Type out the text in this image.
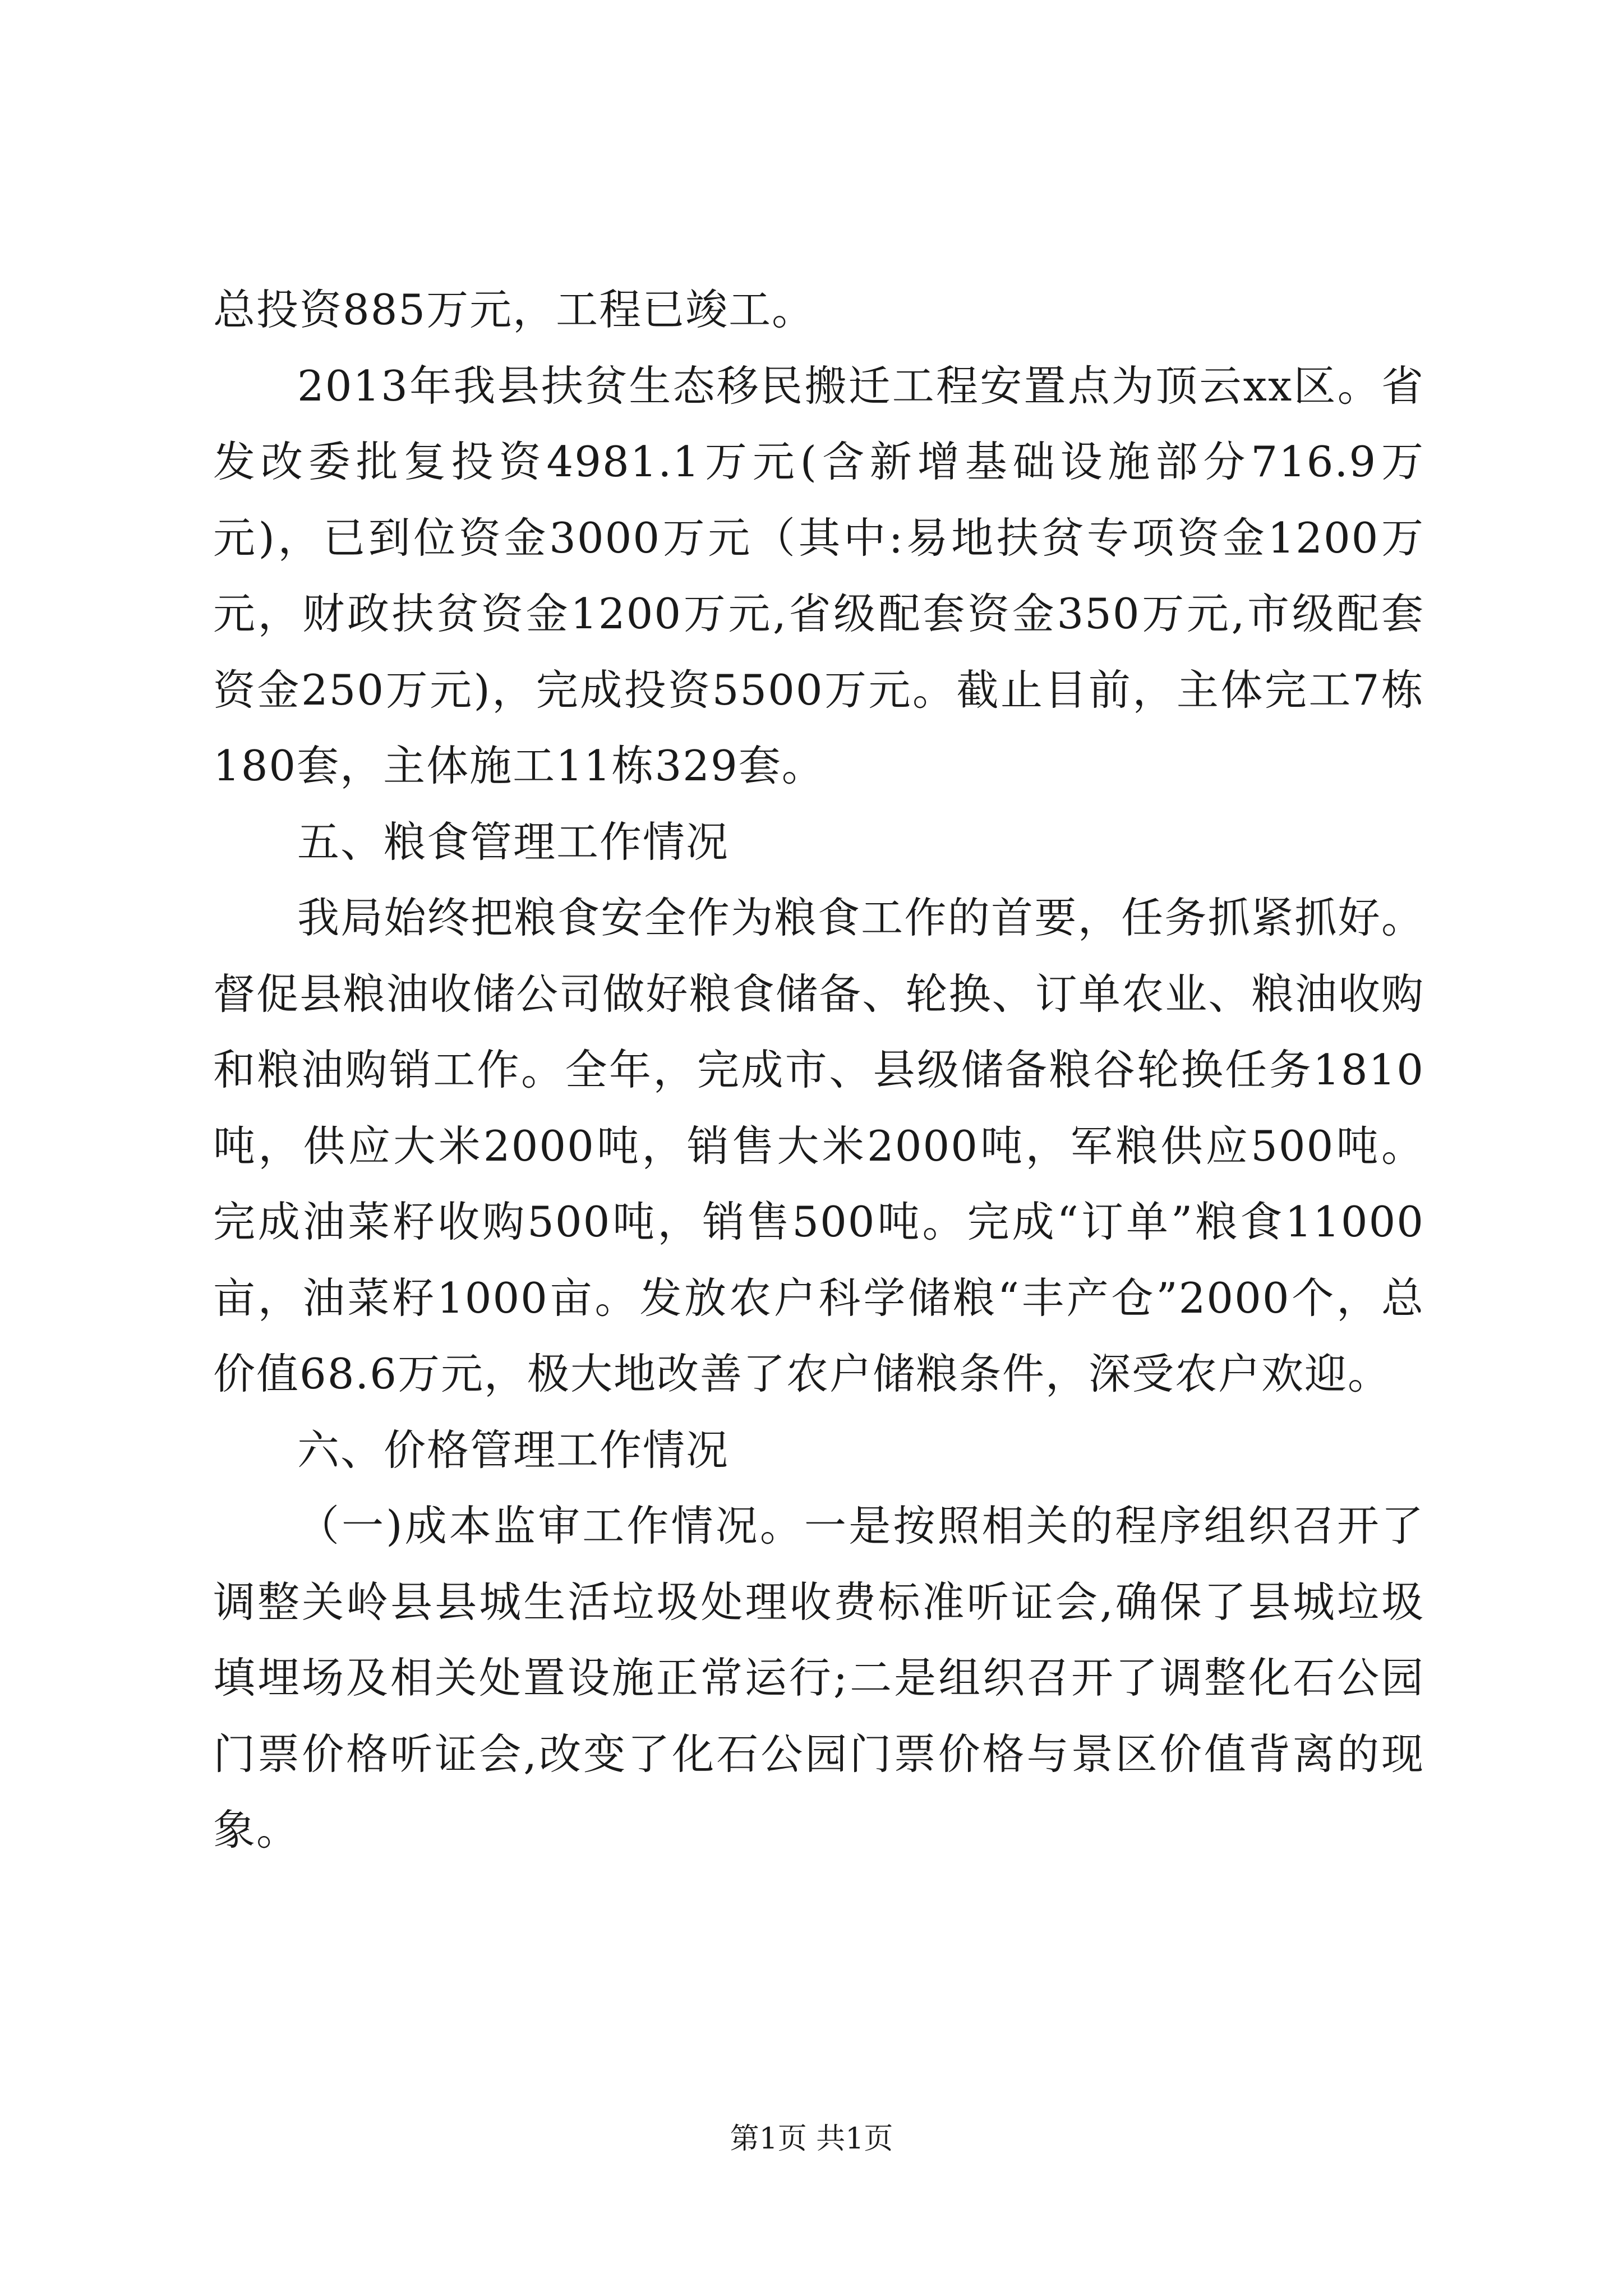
总投资885万元，工程已竣工。

2013年我县扶贫生态移民搬迁工程安置点为顶云xx区。省发改委批复投资4981.1万元(含新增基础设施部分716.9万元)，已到位资金3000万元（其中:易地扶贫专项资金1200万元，财政扶贫资金1200万元,省级配套资金350万元,市级配套资金250万元)，完成投资5500万元。截止目前，主体完工7栋180套，主体施工11栋329套。

五、粮食管理工作情况

我局始终把粮食安全作为粮食工作的首要，任务抓紧抓好。督促县粮油收储公司做好粮食储备、轮换、订单农业、粮油收购和粮油购销工作。全年，完成市、县级储备粮谷轮换任务1810吨，供应大米2000吨，销售大米2000吨，军粮供应500吨。完成油菜籽收购500吨，销售500吨。完成“订单”粮食11000亩，油菜籽1000亩。发放农户科学储粮“丰产仓”2000个，总价值68.6万元，极大地改善了农户储粮条件，深受农户欢迎。

六、价格管理工作情况

（一)成本监审工作情况。一是按照相关的程序组织召开了调整关岭县县城生活垃圾处理收费标准听证会,确保了县城垃圾填埋场及相关处置设施正常运行;二是组织召开了调整化石公园门票价格听证会,改变了化石公园门票价格与景区价值背离的现象。

第1页 共1页
